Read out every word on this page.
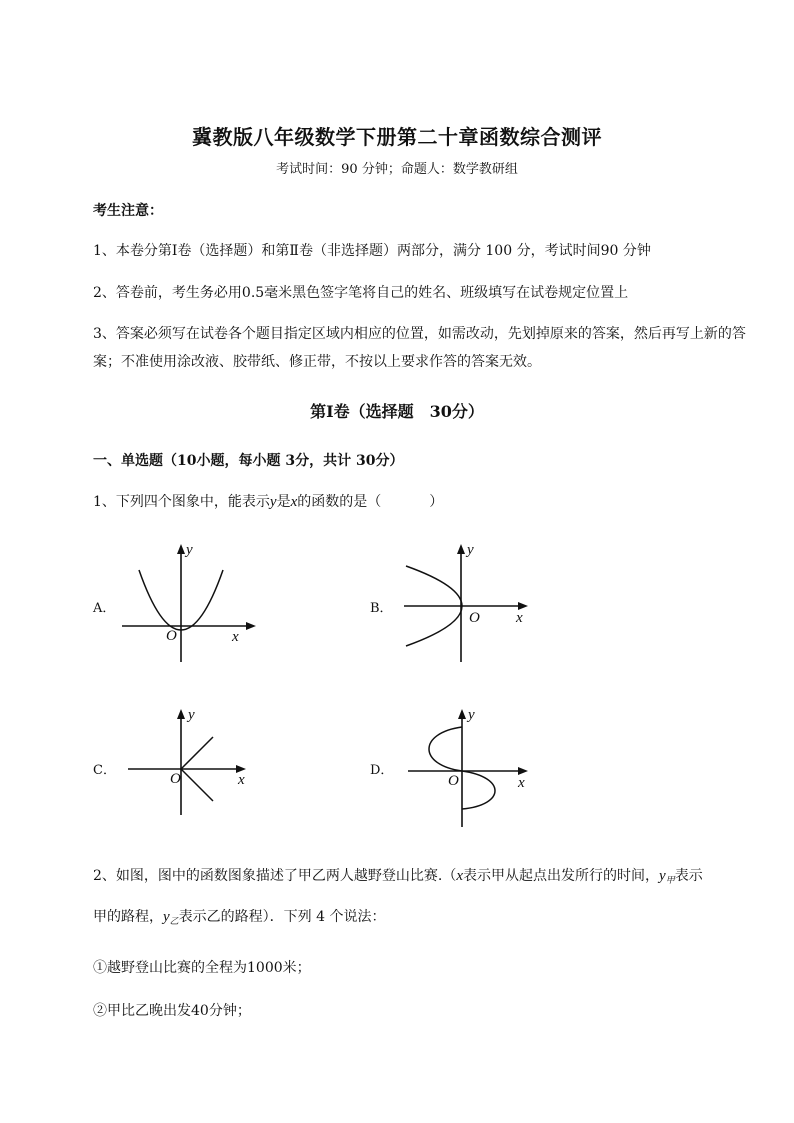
冀教版八年级数学下册第二十章函数综合测评
考试时间：90 分钟；命题人：数学教研组
考生注意：
1、本卷分第Ⅰ卷（选择题）和第Ⅱ卷（非选择题）两部分，满分 100 分，考试时间90 分钟
2、答卷前，考生务必用0.5毫米黑色签字笔将自己的姓名、班级填写在试卷规定位置上
3、答案必须写在试卷各个题目指定区域内相应的位置，如需改动，先划掉原来的答案，然后再写上新的答案；不准使用涂改液、胶带纸、修正带，不按以上要求作答的答案无效。
第Ⅰ卷（选择题　30分）
一、单选题（10小题，每小题 3分，共计 30分）
1、下列四个图象中，能表示y是x的函数的是（	）
A．
y
x
O
B．
y
x
O
C．
y
x
O
D．
y
x
O
2、如图，图中的函数图象描述了甲乙两人越野登山比赛.（x表示甲从起点出发所行的时间，$y_甲$表示
甲的路程，$y_乙$表示乙的路程）．下列 4 个说法：
①越野登山比赛的全程为1000米；
②甲比乙晚出发40分钟；
